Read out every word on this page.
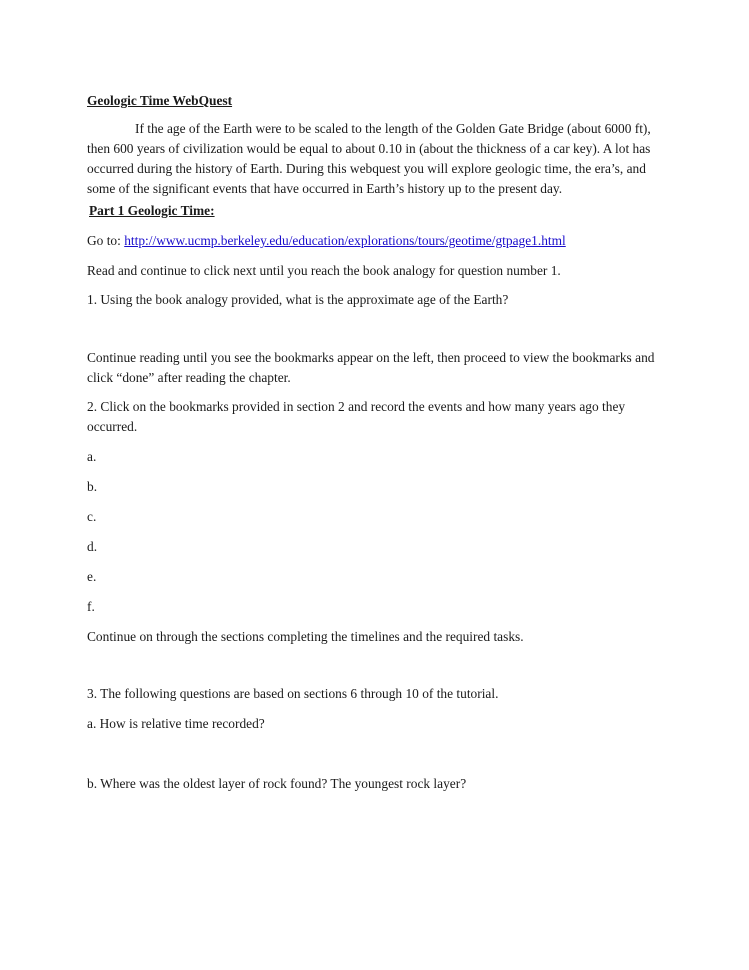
Geologic Time WebQuest
If the age of the Earth were to be scaled to the length of the Golden Gate Bridge (about 6000 ft),
then 600 years of civilization would be equal to about 0.10 in (about the thickness of a car key). A lot has
occurred during the history of Earth. During this webquest you will explore geologic time, the era’s, and
some of the significant events that have occurred in Earth’s history up to the present day.
Part 1 Geologic Time:
Go to: http://www.ucmp.berkeley.edu/education/explorations/tours/geotime/gtpage1.html
Read and continue to click next until you reach the book analogy for question number 1.
1. Using the book analogy provided, what is the approximate age of the Earth?
Continue reading until you see the bookmarks appear on the left, then proceed to view the bookmarks and
click “done” after reading the chapter.
2. Click on the bookmarks provided in section 2 and record the events and how many years ago they
occurred.
a.
b.
c.
d.
e.
f.
Continue on through the sections completing the timelines and the required tasks.
3. The following questions are based on sections 6 through 10 of the tutorial.
a. How is relative time recorded?
b. Where was the oldest layer of rock found? The youngest rock layer?
